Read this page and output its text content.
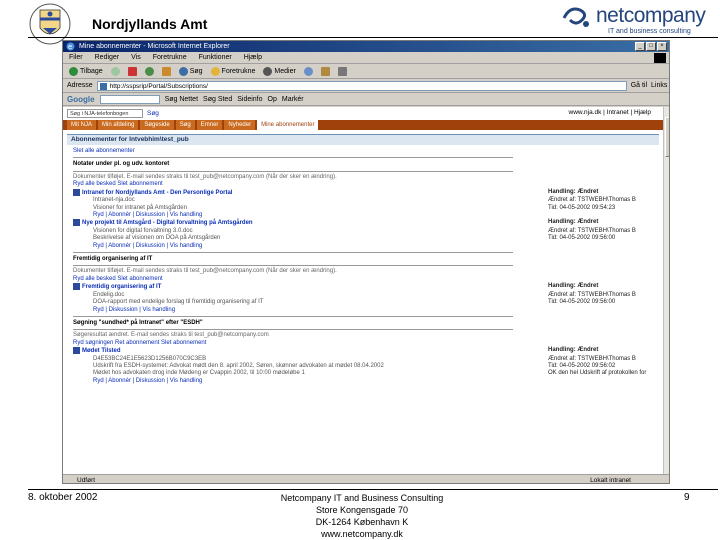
Nordjyllands Amt	netcompany
IT and business consulting
e Mine abonnementer - Microsoft Internet Explorer	_	□	×
Filer Rediger Vis Foretrukne Funktioner Hjælp
Tilbage	Søg	Foretrukne	Medier
Adresse	http://sspsrip/Portal/Subscriptions/	Gå til Links
Google	Søg Nettet Søg Sted Sideinfo Op Markér
Søg i NJA-telefonbogen	Søg	www.nja.dk | Intranet | Hjælp
Mit NJA	Min afdeling	Søgeside	Søg	Emner	Nyheder	Mine abonnementer
Abonnementer for Intvebhim\test_pub
Slet alle abonnementer
Notater under pl. og udv. kontoret
Dokumenter tilføjet. E-mail sendes straks til test_pub@netcompany.com (Når der sker en ændring).
Ryd alle besked Slet abonnement
Intranet for Nordjyllands Amt - Den Personlige Portal	Handling: Ændret
Intranet-nja.doc	Ændret af: TSTWEBH\Thomas B
Visioner for intranet på Amtsgården	Tid: 04-05-2002 09:54:23
Ryd | Abonnér | Diskussion | Vis handling
Nye projekt til Amtsgård - Digital forvaltning på Amtsgården	Handling: Ændret
Visionen for digital forvaltning 3.0.doc	Ændret af: TSTWEBH\Thomas B
Beskrivelse af visionen om DOA på Amtsgården	Tid: 04-05-2002 09:56:00
Ryd | Abonnér | Diskussion | Vis handling
Fremtidig organisering af IT
Dokumenter tilføjet. E-mail sendes straks til test_pub@netcompany.com (Når der sker en ændring).
Ryd alle besked Slet abonnement
Fremtidig organisering af IT	Handling: Ændret
Endelig.doc	Ændret af: TSTWEBH\Thomas B
DOA-rapport med endelige forslag til fremtidig organisering af IT	Tid: 04-05-2002 09:56:00
Ryd | Diskussion | Vis handling
Søgning "sundhed* på Intranet" efter "ESDH"
Søgeresultat ændret. E-mail sendes straks til test_pub@netcompany.com
Ryd søgningen Ret abonnement Slet abonnement
Mødet Tilsted	Handling: Ændret
D4E53BC24E1E5623D1256B070C9C3EB	Ændret af: TSTWEBH\Thomas B
Udskrift fra ESDH-systemet: Advokat mødt den 8. april 2002, Søren, skønner advokaten at mødet 08.04.2002	Tid: 04-05-2002 09:56:02
Mødet hos advokaten drog inde Mødeng er Cvappin 2002, til 10:00 mødeløbe 1	OK den hel Udskrift af protokollen for
Ryd | Abonnér | Diskussion | Vis handling
Udført	Lokalt intranet
8. oktober 2002	Netcompany IT and Business Consulting
Store Kongensgade 70
DK-1264 København K
www.netcompany.dk
9
